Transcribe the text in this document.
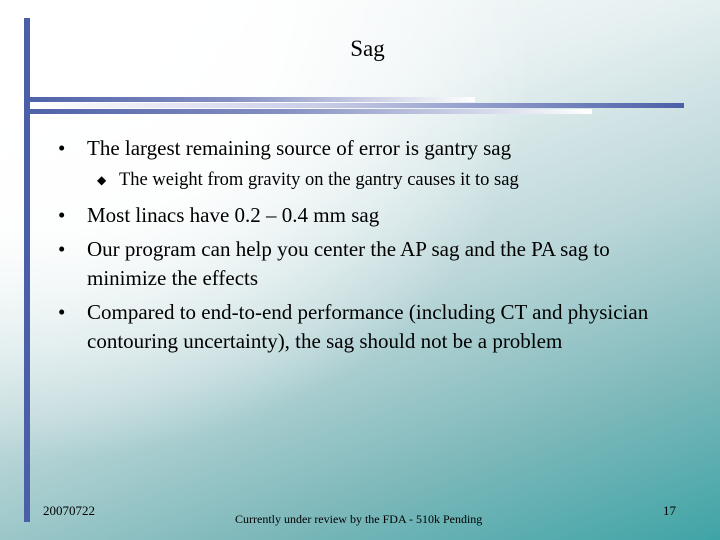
Sag
• The largest remaining source of error is gantry sag
◆ The weight from gravity on the gantry causes it to sag
• Most linacs have 0.2 – 0.4 mm sag
• Our program can help you center the AP sag and the PA sag to minimize the effects
• Compared to end-to-end performance (including CT and physician contouring uncertainty), the sag should not be a problem
20070722
Currently under review by the FDA - 510k Pending
17
